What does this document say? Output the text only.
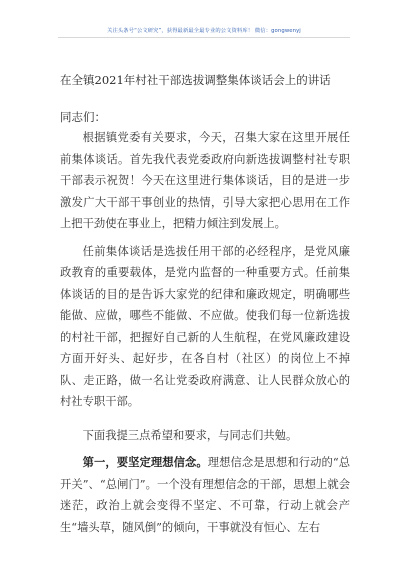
关注头条号“公文研究”，获得最新最全最专业的公文资料库！ 微信：gongwenyj
在全镇2021年村社干部选拔调整集体谈话会上的讲话
同志们：

根据镇党委有关要求，今天，召集大家在这里开展任前集体谈话。首先我代表党委政府向新选拔调整村社专职干部表示祝贺！今天在这里进行集体谈话，目的是进一步激发广大干部干事创业的热情，引导大家把心思用在工作上把干劲使在事业上，把精力倾注到发展上。

任前集体谈话是选拔任用干部的必经程序，是党风廉政教育的重要载体，是党内监督的一种重要方式。任前集体谈话的目的是告诉大家党的纪律和廉政规定，明确哪些能做、应做，哪些不能做、不应做。使我们每一位新选拔的村社干部，把握好自己新的人生航程，在党风廉政建设方面开好头、起好步，在各自村（社区）的岗位上不掉队、走正路，做一名让党委政府满意、让人民群众放心的村社专职干部。

下面我提三点希望和要求，与同志们共勉。

第一，要坚定理想信念。理想信念是思想和行动的“总开关”、“总闸门”。一个没有理想信念的干部，思想上就会迷茫，政治上就会变得不坚定、不可靠，行动上就会产生“墙头草，随风倒”的倾向，干事就没有恒心、左右
